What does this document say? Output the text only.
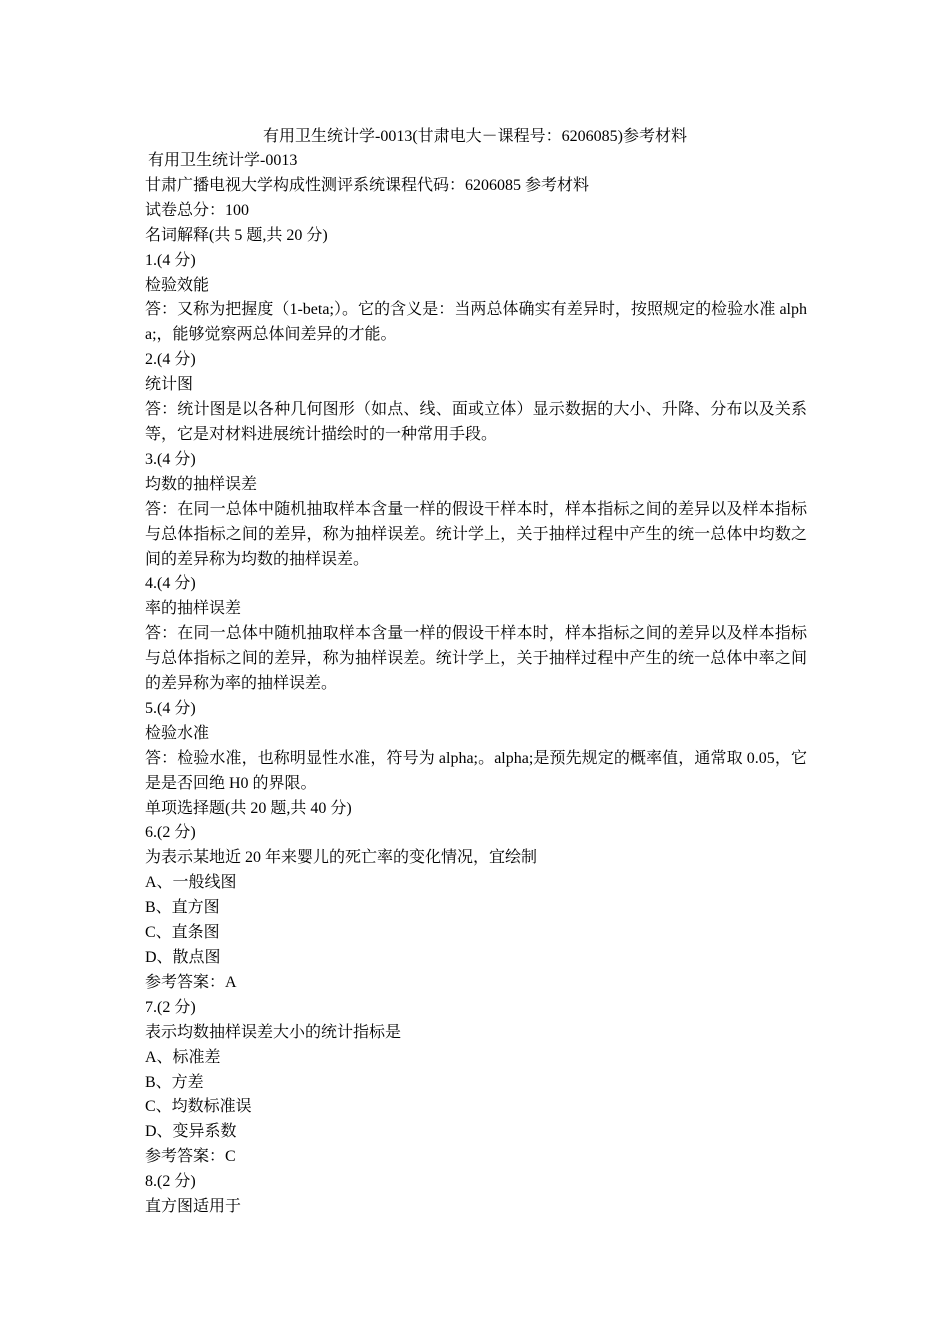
有用卫生统计学-0013(甘肃电大－课程号：6206085)参考材料

有用卫生统计学-0013

甘肃广播电视大学构成性测评系统课程代码：6206085 参考材料

试卷总分：100

名词解释(共 5 题,共 20 分)

1.(4 分)

检验效能

答：又称为把握度（1-beta;）。它的含义是：当两总体确实有差异时，按照规定的检验水准 alpha;，能够觉察两总体间差异的才能。

2.(4 分)

统计图

答：统计图是以各种几何图形（如点、线、面或立体）显示数据的大小、升降、分布以及关系等，它是对材料进展统计描绘时的一种常用手段。

3.(4 分)

均数的抽样误差

答：在同一总体中随机抽取样本含量一样的假设干样本时，样本指标之间的差异以及样本指标与总体指标之间的差异，称为抽样误差。统计学上，关于抽样过程中产生的统一总体中均数之间的差异称为均数的抽样误差。

4.(4 分)

率的抽样误差

答：在同一总体中随机抽取样本含量一样的假设干样本时，样本指标之间的差异以及样本指标与总体指标之间的差异，称为抽样误差。统计学上，关于抽样过程中产生的统一总体中率之间的差异称为率的抽样误差。

5.(4 分)

检验水准

答：检验水准，也称明显性水准，符号为 alpha;。alpha;是预先规定的概率值，通常取 0.05，它是是否回绝 H0 的界限。

单项选择题(共 20 题,共 40 分)

6.(2 分)

为表示某地近 20 年来婴儿的死亡率的变化情况，宜绘制

A、一般线图

B、直方图

C、直条图

D、散点图

参考答案：A

7.(2 分)

表示均数抽样误差大小的统计指标是

A、标准差

B、方差

C、均数标准误

D、变异系数

参考答案：C

8.(2 分)

直方图适用于
